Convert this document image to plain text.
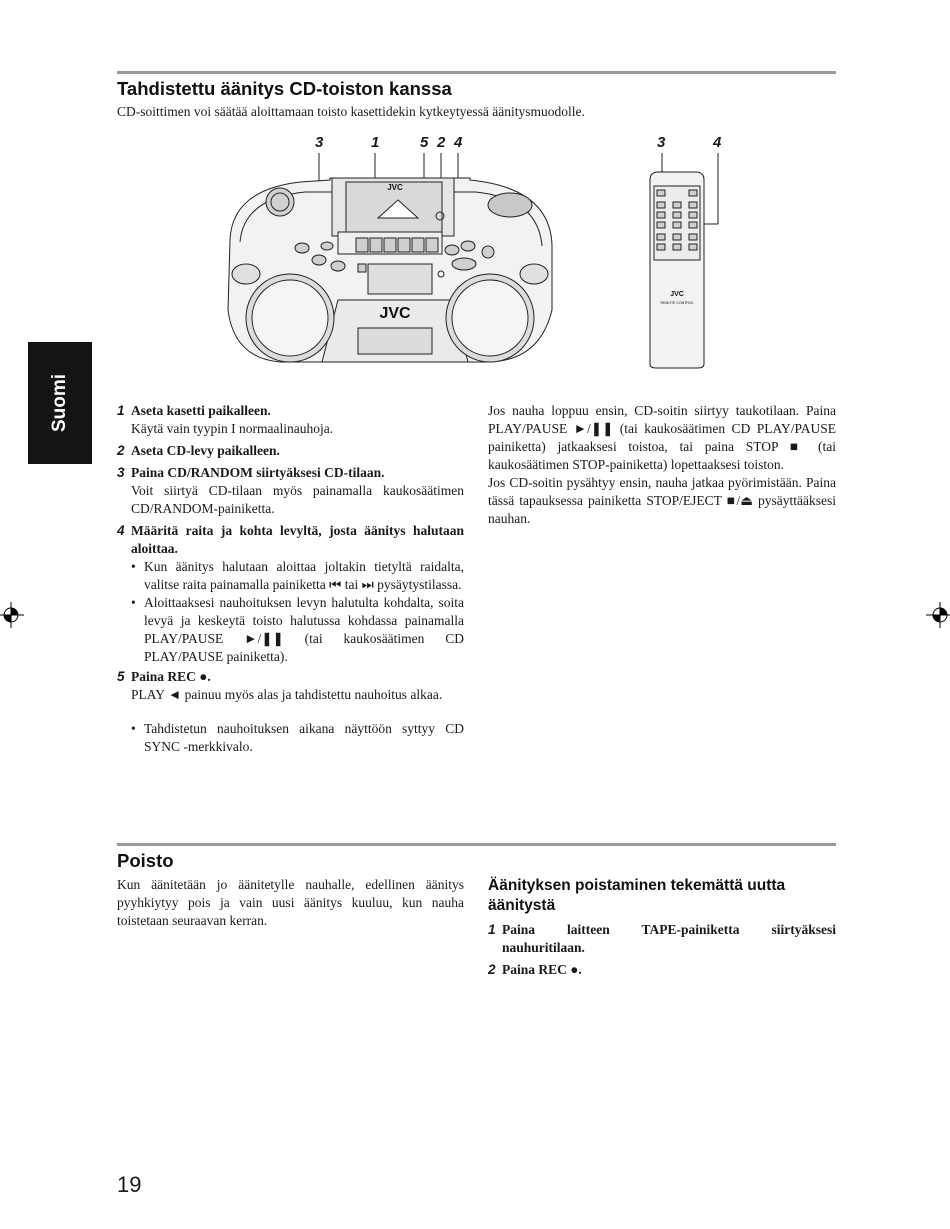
Tahdistettu äänitys CD-toiston kanssa
CD-soittimen voi säätää aloittamaan toisto kasettidekin kytkeytyessä äänitysmuodolle.
3	1	5 2 4	3	4
JVC
JVC
JVC
REMOTE CONTROL
Suomi	1 Aseta kasetti paikalleen.
Käytä vain tyypin I normaalinauhoja.
2 Aseta CD-levy paikalleen.
3 Paina CD/RANDOM siirtyäksesi CD-tilaan.
Voit siirtyä CD-tilaan myös painamalla kaukosäätimen CD/RANDOM-painiketta.
4 Määritä raita ja kohta levyltä, josta äänitys halutaan aloittaa.
• Kun äänitys halutaan aloittaa joltakin tietyltä raidalta, valitse raita painamalla painiketta ⏮ tai ⏭ pysäytystilassa.
• Aloittaaksesi nauhoituksen levyn halutulta kohdalta, soita levyä ja keskeytä toisto halutussa kohdassa painamalla PLAY/PAUSE ►/❚❚ (tai kaukosäätimen CD PLAY/PAUSE painiketta).
5 Paina REC ●.
PLAY ◄ painuu myös alas ja tahdistettu nauhoitus alkaa.
• Tahdistetun nauhoituksen aikana näyttöön syttyy CD SYNC -merkkivalo.

Jos nauha loppuu ensin, CD-soitin siirtyy taukotilaan. Paina PLAY/PAUSE ►/❚❚ (tai kaukosäätimen CD PLAY/PAUSE painiketta) jatkaaksesi toistoa, tai paina STOP ■ (tai kaukosäätimen STOP-painiketta) lopettaaksesi toiston.

Jos CD-soitin pysähtyy ensin, nauha jatkaa pyörimistään. Paina tässä tapauksessa painiketta STOP/EJECT ■/⏏ pysäyttääksesi nauhan.

Poisto
Kun äänitetään jo äänitetylle nauhalle, edellinen äänitys pyyhkiytyy pois ja vain uusi äänitys kuuluu, kun nauha toistetaan seuraavan kerran.
Äänityksen poistaminen tekemättä uutta äänitystä
1 Paina laitteen TAPE-painiketta siirtyäksesi nauhuritilaan.
2 Paina REC ●.
19
